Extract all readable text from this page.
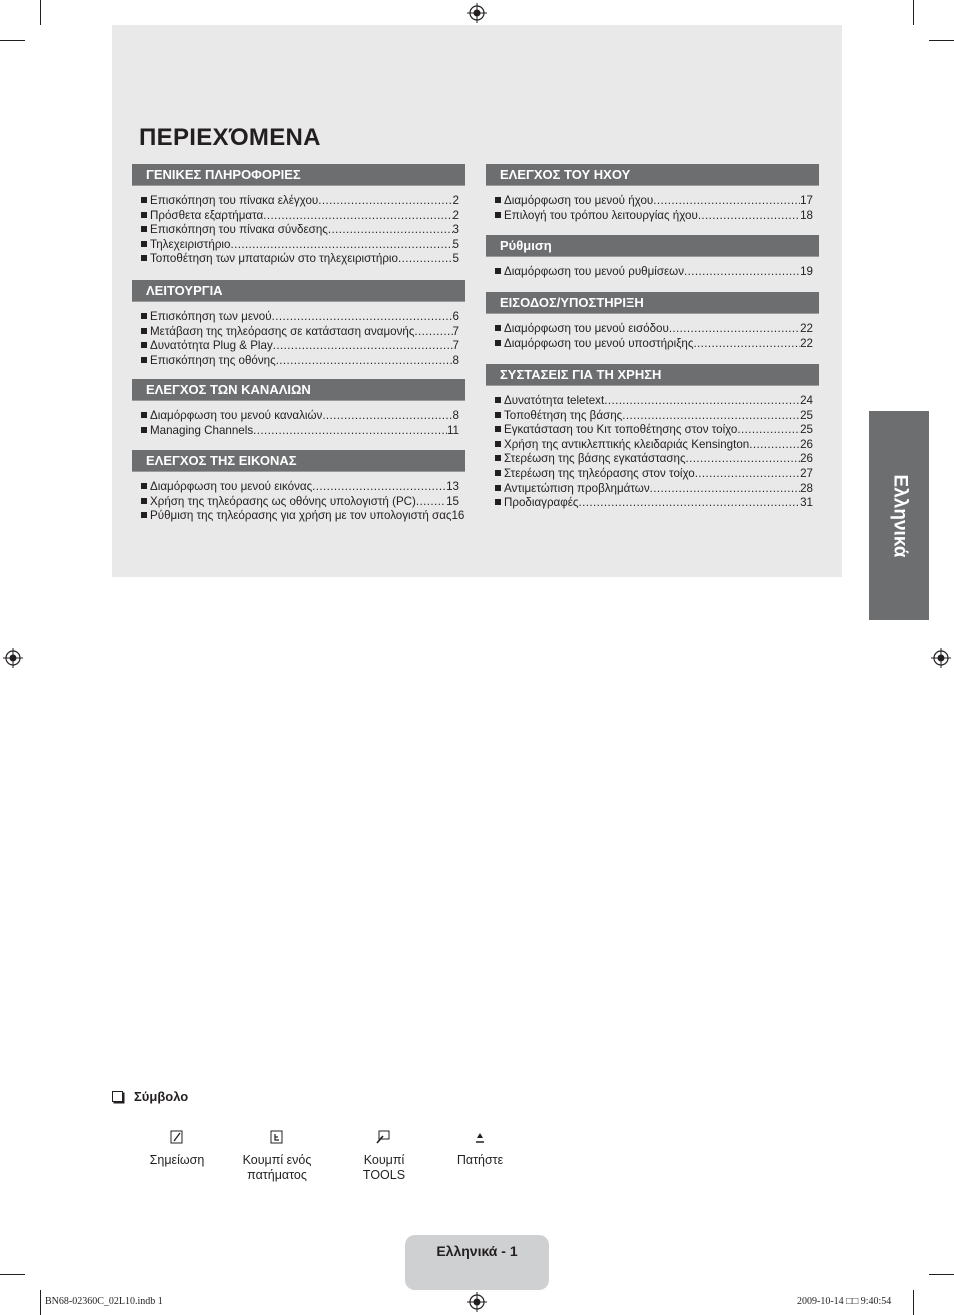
ΠΕΡΙΕΧΌΜΕΝΑ
ΓΕΝΙΚΕΣ ΠΛΗΡΟΦΟΡΙΕΣ
Επισκόπηση του πίνακα ελέγχου .....	2
Πρόσθετα εξαρτήματα .....	2
Επισκόπηση του πίνακα σύνδεσης .....	3
Τηλεχειριστήριο .....	5
Τοποθέτηση των μπαταριών στο τηλεχειριστήριο .....	5
ΛΕΙΤΟΥΡΓΙΑ
Επισκόπηση των μενού .....	6
Μετάβαση της τηλεόρασης σε κατάσταση αναμονής .....	7
Δυνατότητα Plug & Play .....	7
Επισκόπηση της οθόνης .....	8
ΕΛΕΓΧΟΣ ΤΩΝ ΚΑΝΑΛΙΩΝ
Διαμόρφωση του μενού καναλιών .....	8
Managing Channels .....	11
ΕΛΕΓΧΟΣ ΤΗΣ ΕΙΚΟΝΑΣ
Διαμόρφωση του μενού εικόνας .....	13
Χρήση της τηλεόρασης ως οθόνης υπολογιστή (PC) .....	15
Ρύθμιση της τηλεόρασης για χρήση με τον υπολογιστή σας 16
ΕΛΕΓΧΟΣ ΤΟΥ ΗΧΟΥ
Διαμόρφωση του μενού ήχου .....	17
Επιλογή του τρόπου λειτουργίας ήχου .....	18
Ρύθμιση
Διαμόρφωση του μενού ρυθμίσεων .....	19
ΕΙΣΟΔΟΣ/ΥΠΟΣΤΗΡΙΞΗ
Διαμόρφωση του μενού εισόδου .....	22
Διαμόρφωση του μενού υποστήριξης .....	22
ΣΥΣΤΑΣΕΙΣ ΓΙΑ ΤΗ ΧΡΗΣΗ
Δυνατότητα teletext .....	24
Τοποθέτηση της βάσης .....	25
Εγκατάσταση του Κιτ τοποθέτησης στον τοίχο .....	25
Χρήση της αντικλεπτικής κλειδαριάς Kensington .....	26
Στερέωση της βάσης εγκατάστασης .....	26
Στερέωση της τηλεόρασης στον τοίχο .....	27
Αντιμετώπιση προβλημάτων .....	28
Προδιαγραφές .....	31	Ελληνικά
Σύμβολο
Σημείωση	Κουμπί ενός
πατήματος
Κουμπί
TOOLS
Πατήστε
Ελληνικά - 1
BN68-02360C_02L10.indb 1	2009-10-14 □□ 9:40:54
